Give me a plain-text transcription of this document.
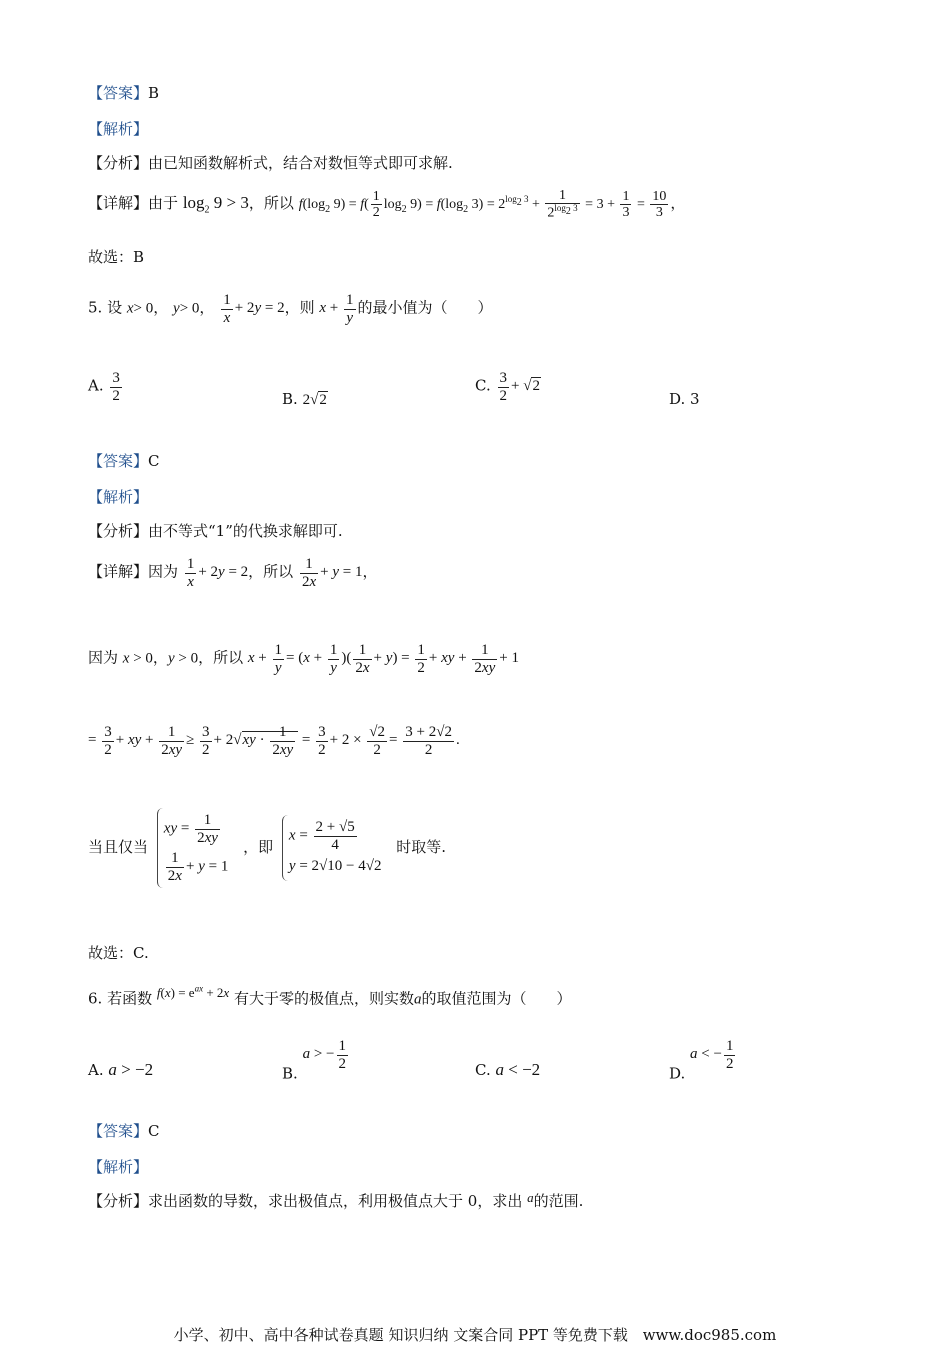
【答案】B
【解析】
【分析】由已知函数解析式，结合对数恒等式即可求解.
【详解】由于 $\log_2 9 > 3$，所以 $f(\log_2$ $9) = f( \frac{1}{2} \log_2 9) = f(\log_2$ $3) = 2^{log_2 3} + \frac{1}{2^{log_2 3}} = 3 + \frac{1}{3} = \frac{10}{3}$ ，
故选：B
5. 设 x> 0， y> 0， $\frac{1}{x} + 2y = 2$，则 $x + \frac{1}{y}$ 的最小值为（　　）
A. $\frac{3}{2}$	B. 2√2
C. $\frac{3}{2} + √2$
D. 3
【答案】C
【解析】
【分析】由不等式“1”的代换求解即可.
【详解】因为 $\frac{1}{x} + 2y = 2$，所以 $\frac{1}{2x} + y = 1$，
因为 x > 0，y > 0，所以 $x + \frac{1}{y} = (x + \frac{1}{y}$ )( $\frac{1}{2x} + y) = \frac{1}{2}$ + xy + $\frac{1}{2xy} + 1$
= $\frac{3}{2}$ + xy + $\frac{1}{2xy} \ge \frac{3}{2} + 2√xy \cdot \frac{1}{2xy} = \frac{3}{2} + 2 \times \frac{√2}{2} = \frac{3 + 2√2}{2}$ .
当且仅当
xy = $\frac{1}{2xy}$
$\frac{1}{2x} + y = 1$
，即
$x = \frac{2 + √5}{4}$
y = 2√10 − 4√2
时取等.
故选：C.
6. 若函数 $f(x) = e^{ax} + 2x$ 有大于零的极值点，则实数a的取值范围为（　　）
A. a > −2	B. a > − $\frac{1}{2}$	C. a < −2	D. a < − $\frac{1}{2}$
【答案】C
【解析】
【分析】求出函数的导数，求出极值点，利用极值点大于 0，求出 a的范围.
小学、初中、高中各种试卷真题 知识归纳 文案合同 PPT 等免费下载 www.doc985.com
